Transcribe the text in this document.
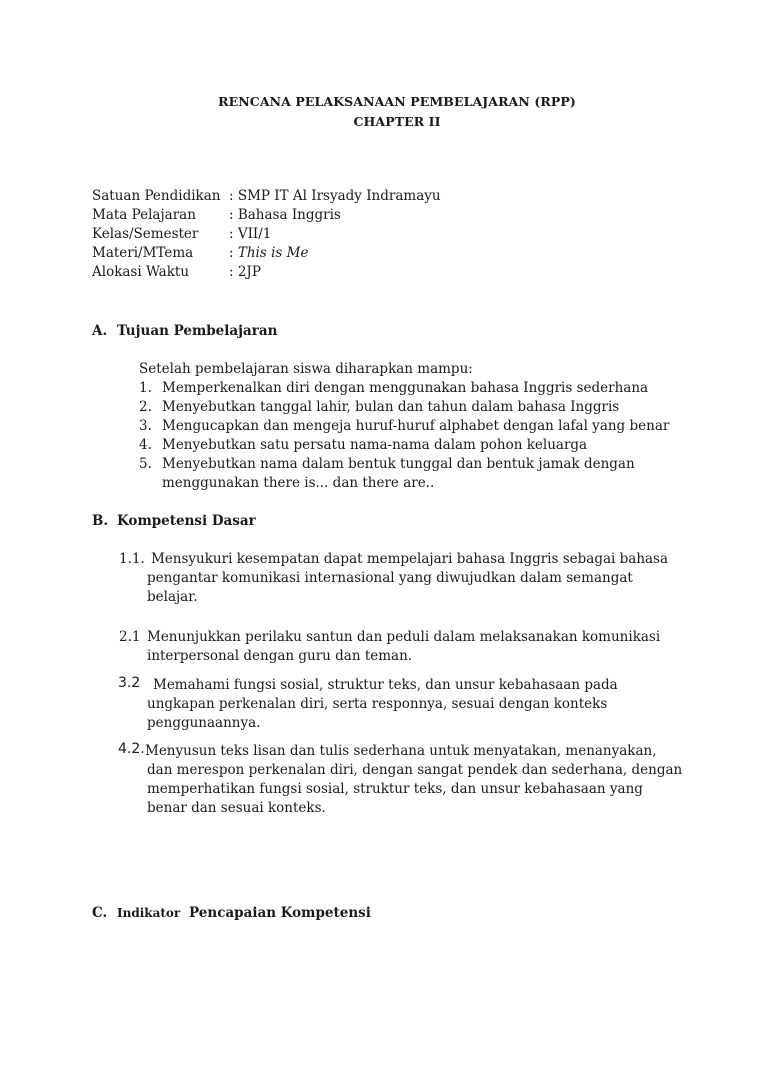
RENCANA PELAKSANAAN PEMBELAJARAN (RPP)
CHAPTER II
Satuan Pendidikan : SMP IT Al Irsyady Indramayu
Mata Pelajaran : Bahasa Inggris
Kelas/Semester : VII/1
Materi/MTema	: This is Me
Alokasi Waktu	: 2JP
A. Tujuan Pembelajaran
Setelah pembelajaran siswa diharapkan mampu:
1. Memperkenalkan diri dengan menggunakan bahasa Inggris sederhana
2. Menyebutkan tanggal lahir, bulan dan tahun dalam bahasa Inggris
3. Mengucapkan dan mengeja huruf-huruf alphabet dengan lafal yang benar
4. Menyebutkan satu persatu nama-nama dalam pohon keluarga
5. Menyebutkan nama dalam bentuk tunggal dan bentuk jamak dengan
menggunakan there is... dan there are..
B. Kompetensi Dasar
1.1. Mensyukuri kesempatan dapat mempelajari bahasa Inggris sebagai bahasa
pengantar komunikasi internasional yang diwujudkan dalam semangat
belajar.
2.1 Menunjukkan perilaku santun dan peduli dalam melaksanakan komunikasi
interpersonal dengan guru dan teman.
3.2 Memahami fungsi sosial, struktur teks, dan unsur kebahasaan pada
ungkapan perkenalan diri, serta responnya, sesuai dengan konteks
penggunaannya.
4.2. Menyusun teks lisan dan tulis sederhana untuk menyatakan, menanyakan,
dan merespon perkenalan diri, dengan sangat pendek dan sederhana, dengan
memperhatikan fungsi sosial, struktur teks, dan unsur kebahasaan yang
benar dan sesuai konteks.
C. Indikator Pencapaian Kompetensi
